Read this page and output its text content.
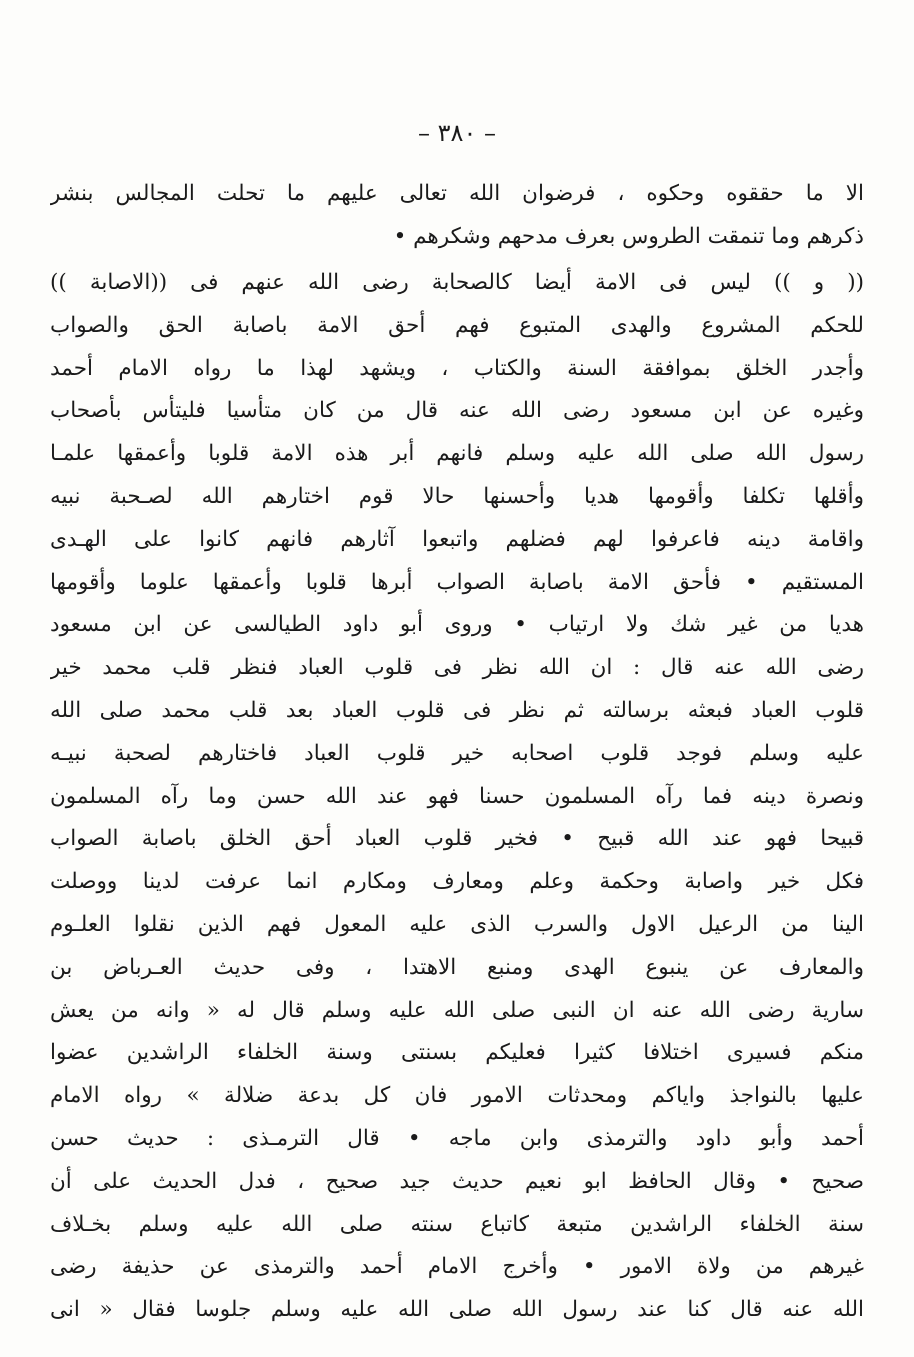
– ٣٨٠ –
الا ما حققوه وحكوه ، فرضوان الله تعالى عليهم ما تحلت المجالس بنشر
ذكرهم وما تنمقت الطروس بعرف مدحهم وشكرهم •
(( و )) ليس فى الامة أيضا كالصحابة رضى الله عنهم فى ((الاصابة ))
للحكم المشروع والهدى المتبوع فهم أحق الامة باصابة الحق والصواب
وأجدر الخلق بموافقة السنة والكتاب ، ويشهد لهذا ما رواه الامام أحمد
وغيره عن ابن مسعود رضى الله عنه قال من كان متأسيا فليتأس بأصحاب
رسول الله صلى الله عليه وسلم فانهم أبر هذه الامة قلوبا وأعمقها علمـا
وأقلها تكلفا وأقومها هديا وأحسنها حالا قوم اختارهم الله لصـحبة نبيه
واقامة دينه فاعرفوا لهم فضلهم واتبعوا آثارهم فانهم كانوا على الهـدى
المستقيم • فأحق الامة باصابة الصواب أبرها قلوبا وأعمقها علوما وأقومها
هديا من غير شك ولا ارتياب • وروى أبو داود الطيالسى عن ابن مسعود
رضى الله عنه قال : ان الله نظر فى قلوب العباد فنظر قلب محمد خير
قلوب العباد فبعثه برسالته ثم نظر فى قلوب العباد بعد قلب محمد صلى الله
عليه وسلم فوجد قلوب اصحابه خير قلوب العباد فاختارهم لصحبة نبيـه
ونصرة دينه فما رآه المسلمون حسنا فهو عند الله حسن وما رآه المسلمون
قبيحا فهو عند الله قبيح • فخير قلوب العباد أحق الخلق باصابة الصواب
فكل خير واصابة وحكمة وعلم ومعارف ومكارم انما عرفت لدينا ووصلت
الينا من الرعيل الاول والسرب الذى عليه المعول فهم الذين نقلوا العلـوم
والمعارف عن ينبوع الهدى ومنبع الاهتدا ، وفى حديث العـرباض بن
سارية رضى الله عنه ان النبى صلى الله عليه وسلم قال له « وانه من يعش
منكم فسيرى اختلافا كثيرا فعليكم بسنتى وسنة الخلفاء الراشدين عضوا
عليها بالنواجذ واياكم ومحدثات الامور فان كل بدعة ضلالة » رواه الامام
أحمد وأبو داود والترمذى وابن ماجه • قال الترمـذى : حديث حسن
صحيح • وقال الحافظ ابو نعيم حديث جيد صحيح ، فدل الحديث على أن
سنة الخلفاء الراشدين متبعة كاتباع سنته صلى الله عليه وسلم بخـلاف
غيرهم من ولاة الامور • وأخرج الامام أحمد والترمذى عن حذيفة رضى
الله عنه قال كنا عند رسول الله صلى الله عليه وسلم جلوسا فقال « انى
